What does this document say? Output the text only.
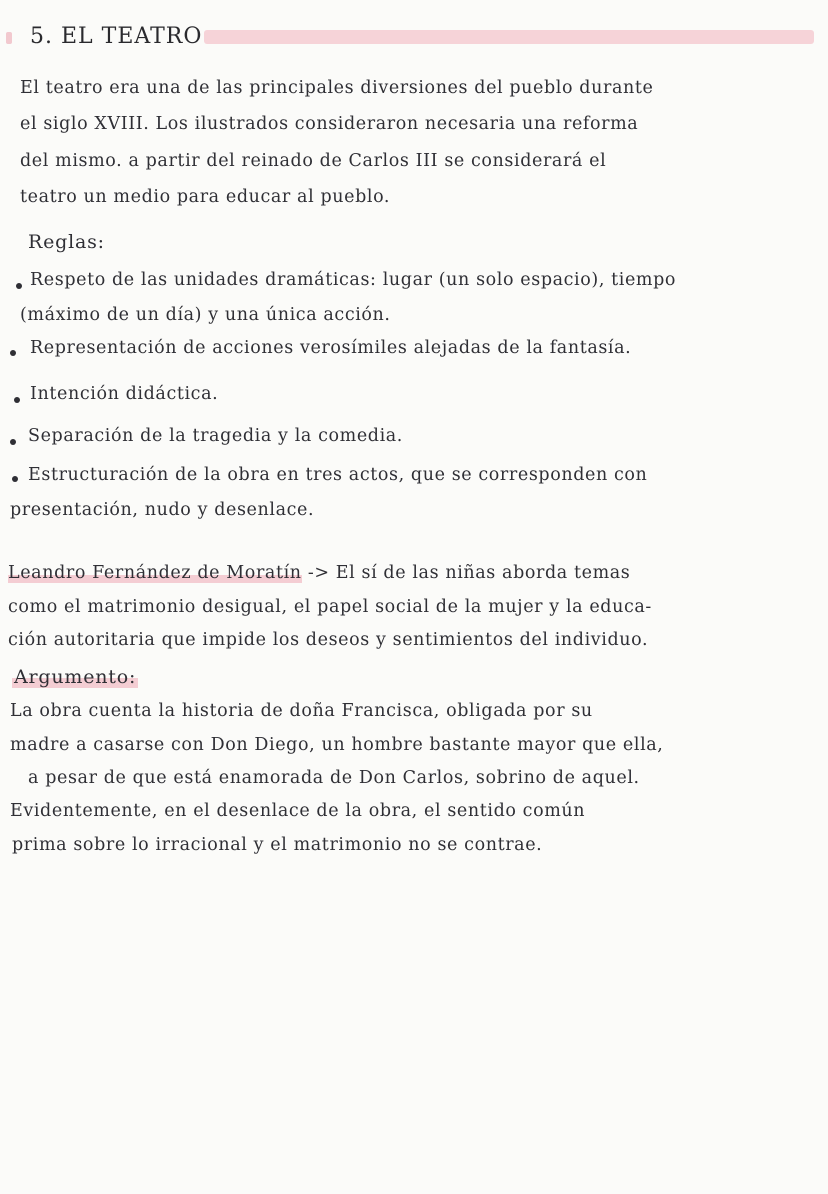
5. EL TEATRO
El teatro era una de las principales diversiones del pueblo durante
el siglo XVIII. Los ilustrados consideraron necesaria una reforma
del mismo. a partir del reinado de Carlos III se considerará el
teatro un medio para educar al pueblo.
Reglas:
Respeto de las unidades dramáticas: lugar (un solo espacio), tiempo
(máximo de un día) y una única acción.
Representación de acciones verosímiles alejadas de la fantasía.
Intención didáctica.
Separación de la tragedia y la comedia.
Estructuración de la obra en tres actos, que se corresponden con
presentación, nudo y desenlace.
Leandro Fernández de Moratín -> El sí de las niñas aborda temas
como el matrimonio desigual, el papel social de la mujer y la educa-
ción autoritaria que impide los deseos y sentimientos del individuo.
Argumento:
La obra cuenta la historia de doña Francisca, obligada por su
madre a casarse con Don Diego, un hombre bastante mayor que ella,
a pesar de que está enamorada de Don Carlos, sobrino de aquel.
Evidentemente, en el desenlace de la obra, el sentido común
prima sobre lo irracional y el matrimonio no se contrae.
